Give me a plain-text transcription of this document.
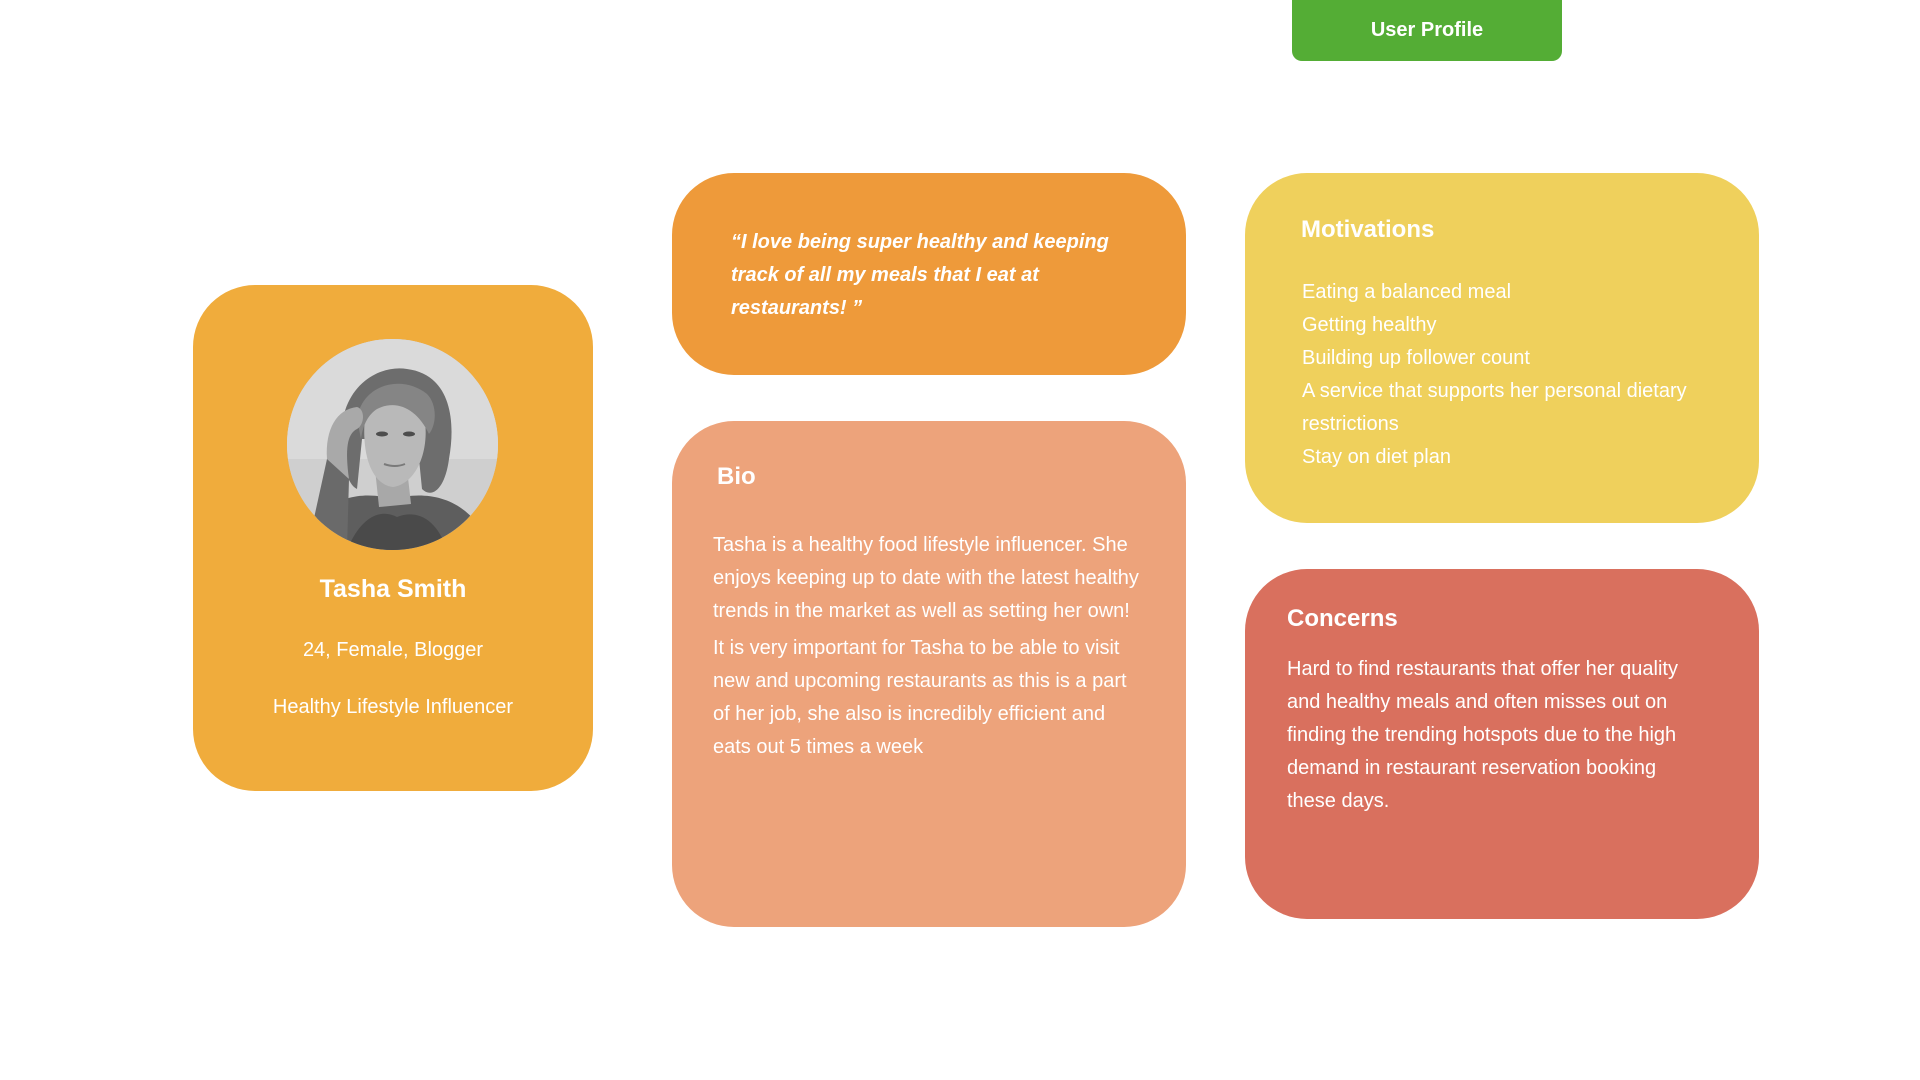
User Profile
Tasha Smith
24, Female, Blogger
Healthy Lifestyle Influencer

“I love being super healthy and keeping track of all my meals that I eat at restaurants! ”

Bio

Tasha is a healthy food lifestyle influencer. She enjoys keeping up to date with the latest healthy trends in the market as well as setting her own!

It is very important for Tasha to be able to visit new and upcoming restaurants as this is a part of her job, she also is incredibly efficient and eats out 5 times a week

Motivations
Eating a balanced meal
Getting healthy
Building up follower count
A service that supports her personal dietary restrictions
Stay on diet plan
Concerns

Hard to find restaurants that offer her quality and healthy meals and often misses out on finding the trending hotspots due to the high demand in restaurant reservation booking these days.
